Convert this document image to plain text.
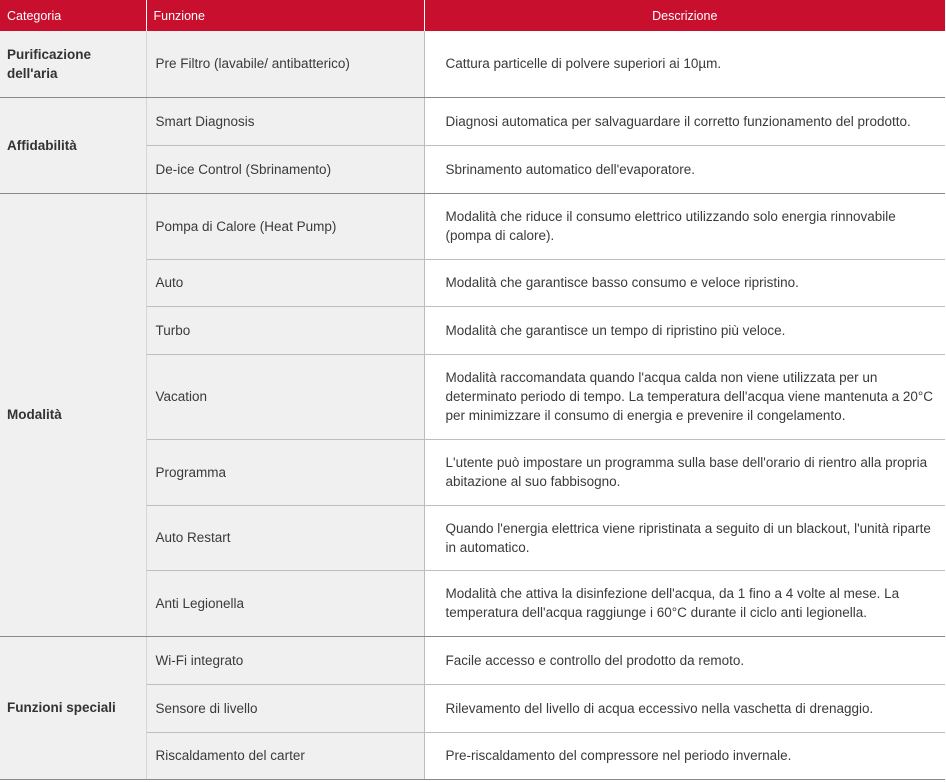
Categoria	Funzione	Descrizione
Purificazione dell'aria	Pre Filtro (lavabile/ antibatterico)	Cattura particelle di polvere superiori ai 10µm.
Affidabilità	Smart Diagnosis	Diagnosi automatica per salvaguardare il corretto funzionamento del prodotto.
	De-ice Control (Sbrinamento)	Sbrinamento automatico dell'evaporatore.
Modalità	Pompa di Calore (Heat Pump)	Modalità che riduce il consumo elettrico utilizzando solo energia rinnovabile (pompa di calore).
	Auto	Modalità che garantisce basso consumo e veloce ripristino.
	Turbo	Modalità che garantisce un tempo di ripristino più veloce.
	Vacation	Modalità raccomandata quando l'acqua calda non viene utilizzata per un determinato periodo di tempo. La temperatura dell'acqua viene mantenuta a 20°C per minimizzare il consumo di energia e prevenire il congelamento.
	Programma	L'utente può impostare un programma sulla base dell'orario di rientro alla propria abitazione al suo fabbisogno.
	Auto Restart	Quando l'energia elettrica viene ripristinata a seguito di un blackout, l'unità riparte in automatico.
	Anti Legionella	Modalità che attiva la disinfezione dell'acqua, da 1 fino a 4 volte al mese. La temperatura dell'acqua raggiunge i 60°C durante il ciclo anti legionella.
Funzioni speciali	Wi-Fi integrato	Facile accesso e controllo del prodotto da remoto.
	Sensore di livello	Rilevamento del livello di acqua eccessivo nella vaschetta di drenaggio.
	Riscaldamento del carter	Pre-riscaldamento del compressore nel periodo invernale.
